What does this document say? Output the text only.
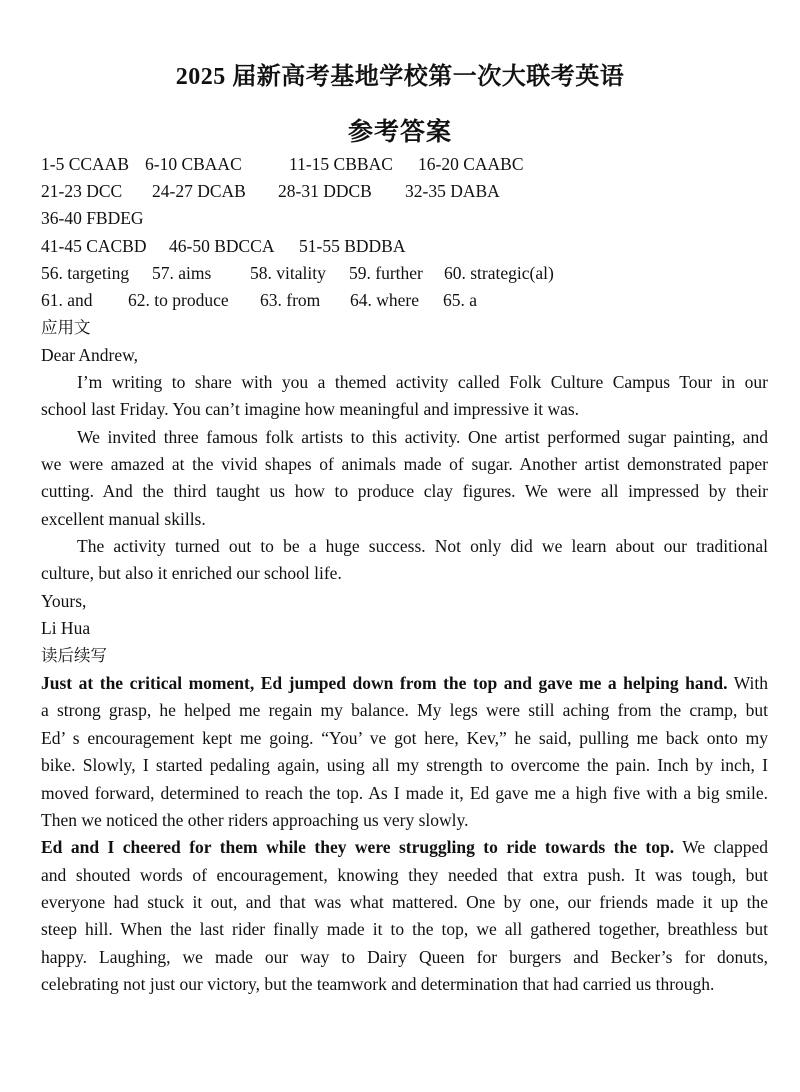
2025 届新高考基地学校第一次大联考英语
参考答案
1-5 CCAAB 6-10 CBAAC	11-15 CBBAC 16-20 CAABC
21-23 DCC 24-27 DCAB 28-31 DDCB 32-35 DABA
36-40 FBDEG
41-45 CACBD 46-50 BDCCA 51-55 BDDBA
56. targeting 57. aims 58. vitality 59. further 60. strategic(al)
61. and 62. to produce 63. from 64. where 65. a
应用文
Dear Andrew,
I’m writing to share with you a themed activity called Folk Culture Campus Tour in our
school last Friday. You can’t imagine how meaningful and impressive it was.
We invited three famous folk artists to this activity. One artist performed sugar painting, and
we were amazed at the vivid shapes of animals made of sugar. Another artist demonstrated paper
cutting. And the third taught us how to produce clay figures. We were all impressed by their
excellent manual skills.
The activity turned out to be a huge success. Not only did we learn about our traditional
culture, but also it enriched our school life.
Yours,
Li Hua
读后续写
Just at the critical moment, Ed jumped down from the top and gave me a helping hand. With
a strong grasp, he helped me regain my balance. My legs were still aching from the cramp, but
Ed’ s encouragement kept me going. “You’ ve got here, Kev,” he said, pulling me back onto my
bike. Slowly, I started pedaling again, using all my strength to overcome the pain. Inch by inch, I
moved forward, determined to reach the top. As I made it, Ed gave me a high five with a big smile.
Then we noticed the other riders approaching us very slowly.
Ed and I cheered for them while they were struggling to ride towards the top. We clapped
and shouted words of encouragement, knowing they needed that extra push. It was tough, but
everyone had stuck it out, and that was what mattered. One by one, our friends made it up the
steep hill. When the last rider finally made it to the top, we all gathered together, breathless but
happy. Laughing, we made our way to Dairy Queen for burgers and Becker’s for donuts,
celebrating not just our victory, but the teamwork and determination that had carried us through.
